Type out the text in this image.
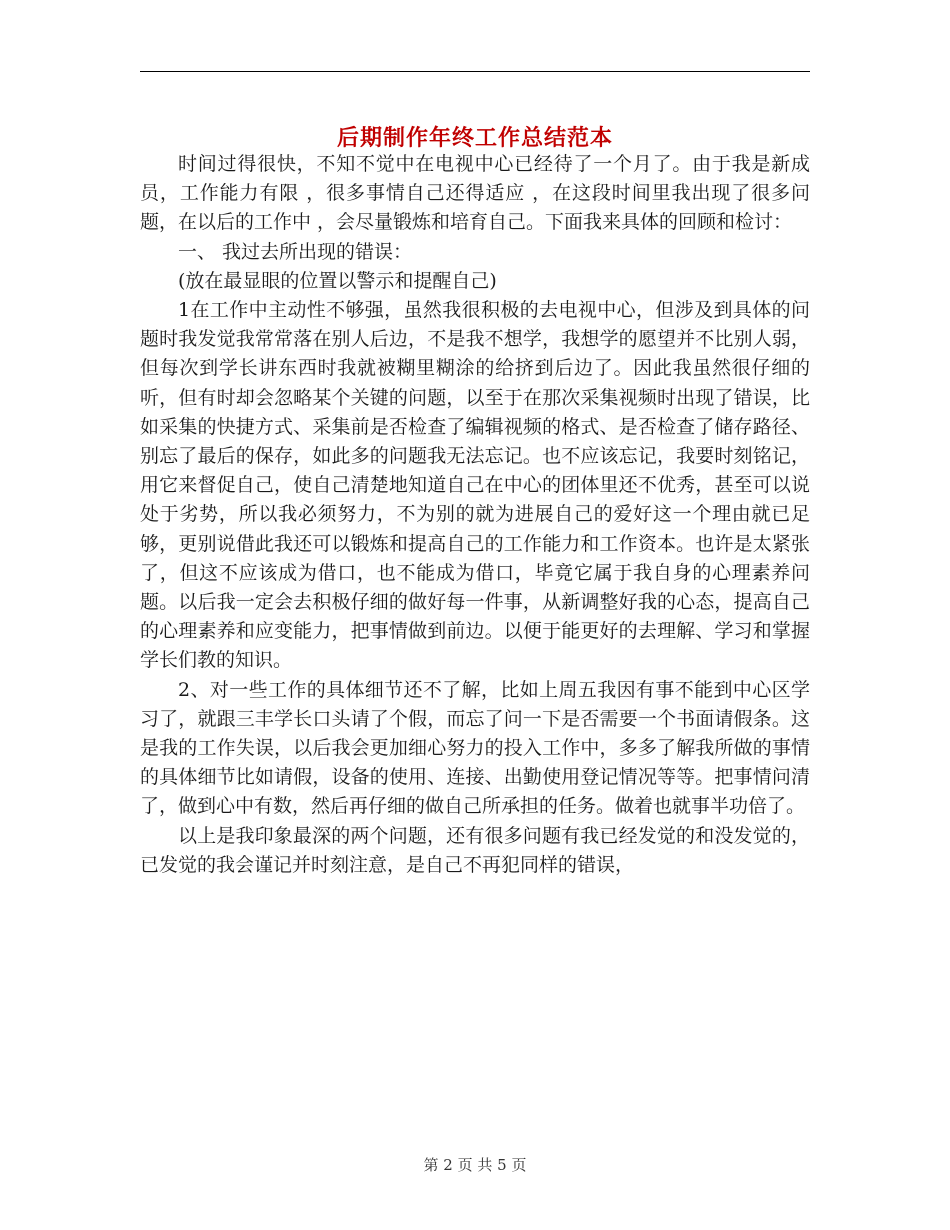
后期制作年终工作总结范本

时间过得很快，不知不觉中在电视中心已经待了一个月了。由于我是新成员，工作能力有限 ，很多事情自己还得适应 ，在这段时间里我出现了很多问题，在以后的工作中 ，会尽量锻炼和培育自己。下面我来具体的回顾和检讨：

一、 我过去所出现的错误：

(放在最显眼的位置以警示和提醒自己)

1在工作中主动性不够强，虽然我很积极的去电视中心，但涉及到具体的问题时我发觉我常常落在别人后边，不是我不想学，我想学的愿望并不比别人弱，但每次到学长讲东西时我就被糊里糊涂的给挤到后边了。因此我虽然很仔细的听，但有时却会忽略某个关键的问题，以至于在那次采集视频时出现了错误，比如采集的快捷方式、采集前是否检查了编辑视频的格式、是否检查了储存路径、别忘了最后的保存，如此多的问题我无法忘记。也不应该忘记，我要时刻铭记，用它来督促自己，使自己清楚地知道自己在中心的团体里还不优秀，甚至可以说处于劣势，所以我必须努力，不为别的就为进展自己的爱好这一个理由就已足够，更别说借此我还可以锻炼和提高自己的工作能力和工作资本。也许是太紧张了，但这不应该成为借口，也不能成为借口，毕竟它属于我自身的心理素养问题。以后我一定会去积极仔细的做好每一件事，从新调整好我的心态，提高自己的心理素养和应变能力，把事情做到前边。以便于能更好的去理解、学习和掌握学长们教的知识。

2、对一些工作的具体细节还不了解，比如上周五我因有事不能到中心区学习了，就跟三丰学长口头请了个假，而忘了问一下是否需要一个书面请假条。这是我的工作失误，以后我会更加细心努力的投入工作中，多多了解我所做的事情的具体细节比如请假，设备的使用、连接、出勤使用登记情况等等。把事情问清了，做到心中有数，然后再仔细的做自己所承担的任务。做着也就事半功倍了。

以上是我印象最深的两个问题，还有很多问题有我已经发觉的和没发觉的，已发觉的我会谨记并时刻注意，是自己不再犯同样的错误，

第 2 页 共 5 页
